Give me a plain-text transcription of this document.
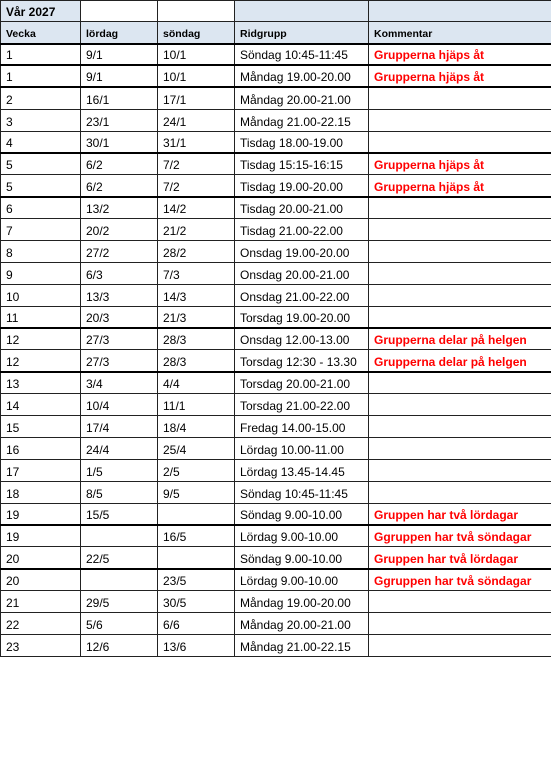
Vår 2027				
Vecka	lördag	söndag	Ridgrupp	Kommentar
1	9/1	10/1	Söndag 10:45-11:45	Grupperna hjäps åt
1	9/1	10/1	Måndag 19.00-20.00	Grupperna hjäps åt
2	16/1	17/1	Måndag 20.00-21.00	
3	23/1	24/1	Måndag 21.00-22.15	
4	30/1	31/1	Tisdag 18.00-19.00	
5	6/2	7/2	Tisdag 15:15-16:15	Grupperna hjäps åt
5	6/2	7/2	Tisdag 19.00-20.00	Grupperna hjäps åt
6	13/2	14/2	Tisdag 20.00-21.00	
7	20/2	21/2	Tisdag 21.00-22.00	
8	27/2	28/2	Onsdag 19.00-20.00	
9	6/3	7/3	Onsdag 20.00-21.00	
10	13/3	14/3	Onsdag 21.00-22.00	
11	20/3	21/3	Torsdag 19.00-20.00	
12	27/3	28/3	Onsdag 12.00-13.00	Grupperna delar på helgen
12	27/3	28/3	Torsdag 12:30 - 13.30	Grupperna delar på helgen
13	3/4	4/4	Torsdag 20.00-21.00	
14	10/4	11/1	Torsdag 21.00-22.00	
15	17/4	18/4	Fredag 14.00-15.00	
16	24/4	25/4	Lördag 10.00-11.00	
17	1/5	2/5	Lördag 13.45-14.45	
18	8/5	9/5	Söndag 10:45-11:45	
19	15/5		Söndag 9.00-10.00	Gruppen har två lördagar
19		16/5	Lördag 9.00-10.00	Ggruppen har två söndagar
20	22/5		Söndag 9.00-10.00	Gruppen har två lördagar
20		23/5	Lördag 9.00-10.00	Ggruppen har två söndagar
21	29/5	30/5	Måndag 19.00-20.00	
22	5/6	6/6	Måndag 20.00-21.00	
23	12/6	13/6	Måndag 21.00-22.15	
